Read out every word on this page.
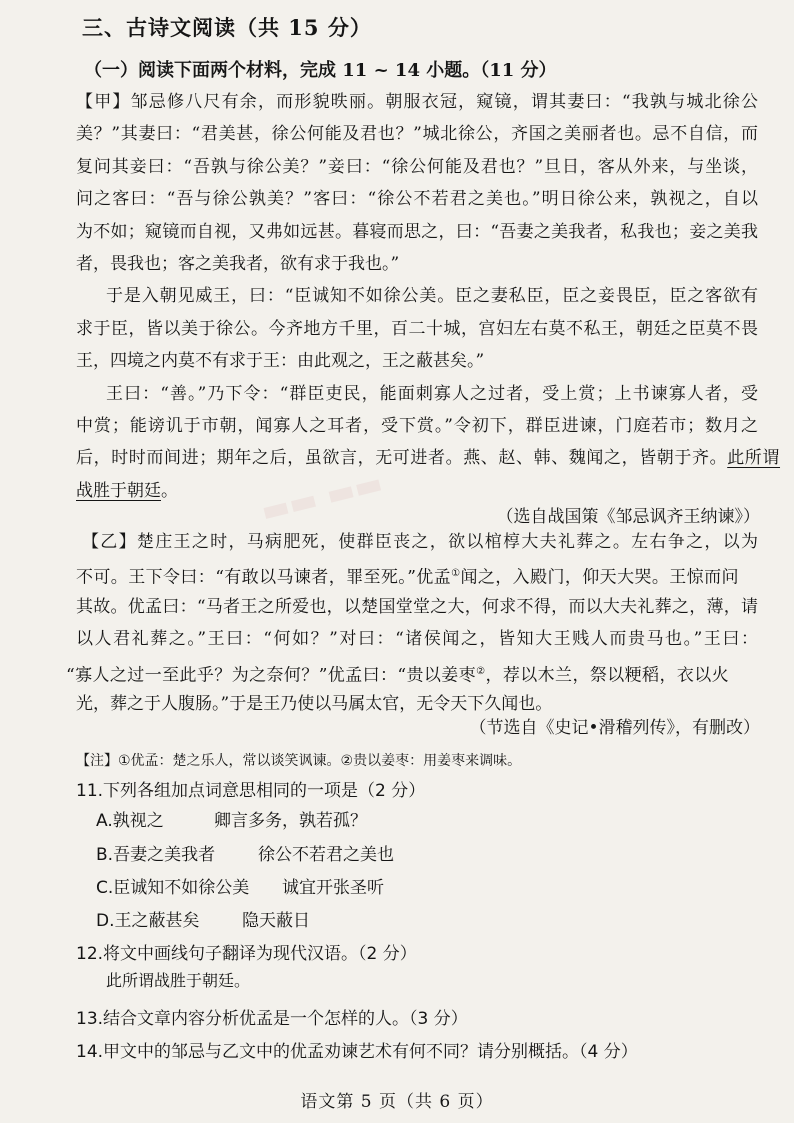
▬▬ ▬▬
三、古诗文阅读（共 15 分）
（一）阅读下面两个材料，完成 11 ~ 14 小题。（11 分）
【甲】邹忌修八尺有余，而形貌昳丽。朝服衣冠，窥镜，谓其妻曰：“我孰与城北徐公
美？”其妻曰：“君美甚，徐公何能及君也？”城北徐公，齐国之美丽者也。忌不自信，而
复问其妾曰：“吾孰与徐公美？”妾曰：“徐公何能及君也？”旦日，客从外来，与坐谈，
问之客曰：“吾与徐公孰美？”客曰：“徐公不若君之美也。”明日徐公来，孰视之，自以
为不如；窥镜而自视，又弗如远甚。暮寝而思之，曰：“吾妻之美我者，私我也；妾之美我
者，畏我也；客之美我者，欲有求于我也。”
于是入朝见威王，曰：“臣诚知不如徐公美。臣之妻私臣，臣之妾畏臣，臣之客欲有
求于臣，皆以美于徐公。今齐地方千里，百二十城，宫妇左右莫不私王，朝廷之臣莫不畏
王，四境之内莫不有求于王：由此观之，王之蔽甚矣。”
王曰：“善。”乃下令：“群臣吏民，能面刺寡人之过者，受上赏；上书谏寡人者，受
中赏；能谤讥于市朝，闻寡人之耳者，受下赏。”令初下，群臣进谏，门庭若市；数月之
后，时时而间进；期年之后，虽欲言，无可进者。燕、赵、韩、魏闻之，皆朝于齐。此所谓
战胜于朝廷。
（选自战国策《邹忌讽齐王纳谏》）
【乙】楚庄王之时，马病肥死，使群臣丧之，欲以棺椁大夫礼葬之。左右争之，以为
不可。王下令曰：“有敢以马谏者，罪至死。”优孟①闻之，入殿门，仰天大哭。王惊而问
其故。优孟曰：“马者王之所爱也，以楚国堂堂之大，何求不得，而以大夫礼葬之，薄，请
以人君礼葬之。”王曰：“何如？”对曰：“诸侯闻之，皆知大王贱人而贵马也。”王曰：
“寡人之过一至此乎？为之奈何？”优孟曰：“贵以姜枣②，荐以木兰，祭以粳稻，衣以火
光，葬之于人腹肠。”于是王乃使以马属太官，无令天下久闻也。
（节选自《史记•滑稽列传》，有删改）
【注】①优孟：楚之乐人，常以谈笑讽谏。②贵以姜枣：用姜枣来调味。
11.下列各组加点词意思相同的一项是（2 分）
A.孰视之	卿言多务，孰若孤？
B.吾妻之美我者	徐公不若君之美也
C.臣诚知不如徐公美 诚宜开张圣听
D.王之蔽甚矣	隐天蔽日
12.将文中画线句子翻译为现代汉语。（2 分）
此所谓战胜于朝廷。
13.结合文章内容分析优孟是一个怎样的人。（3 分）
14.甲文中的邹忌与乙文中的优孟劝谏艺术有何不同？请分别概括。（4 分）
语文第 5 页（共 6 页）
